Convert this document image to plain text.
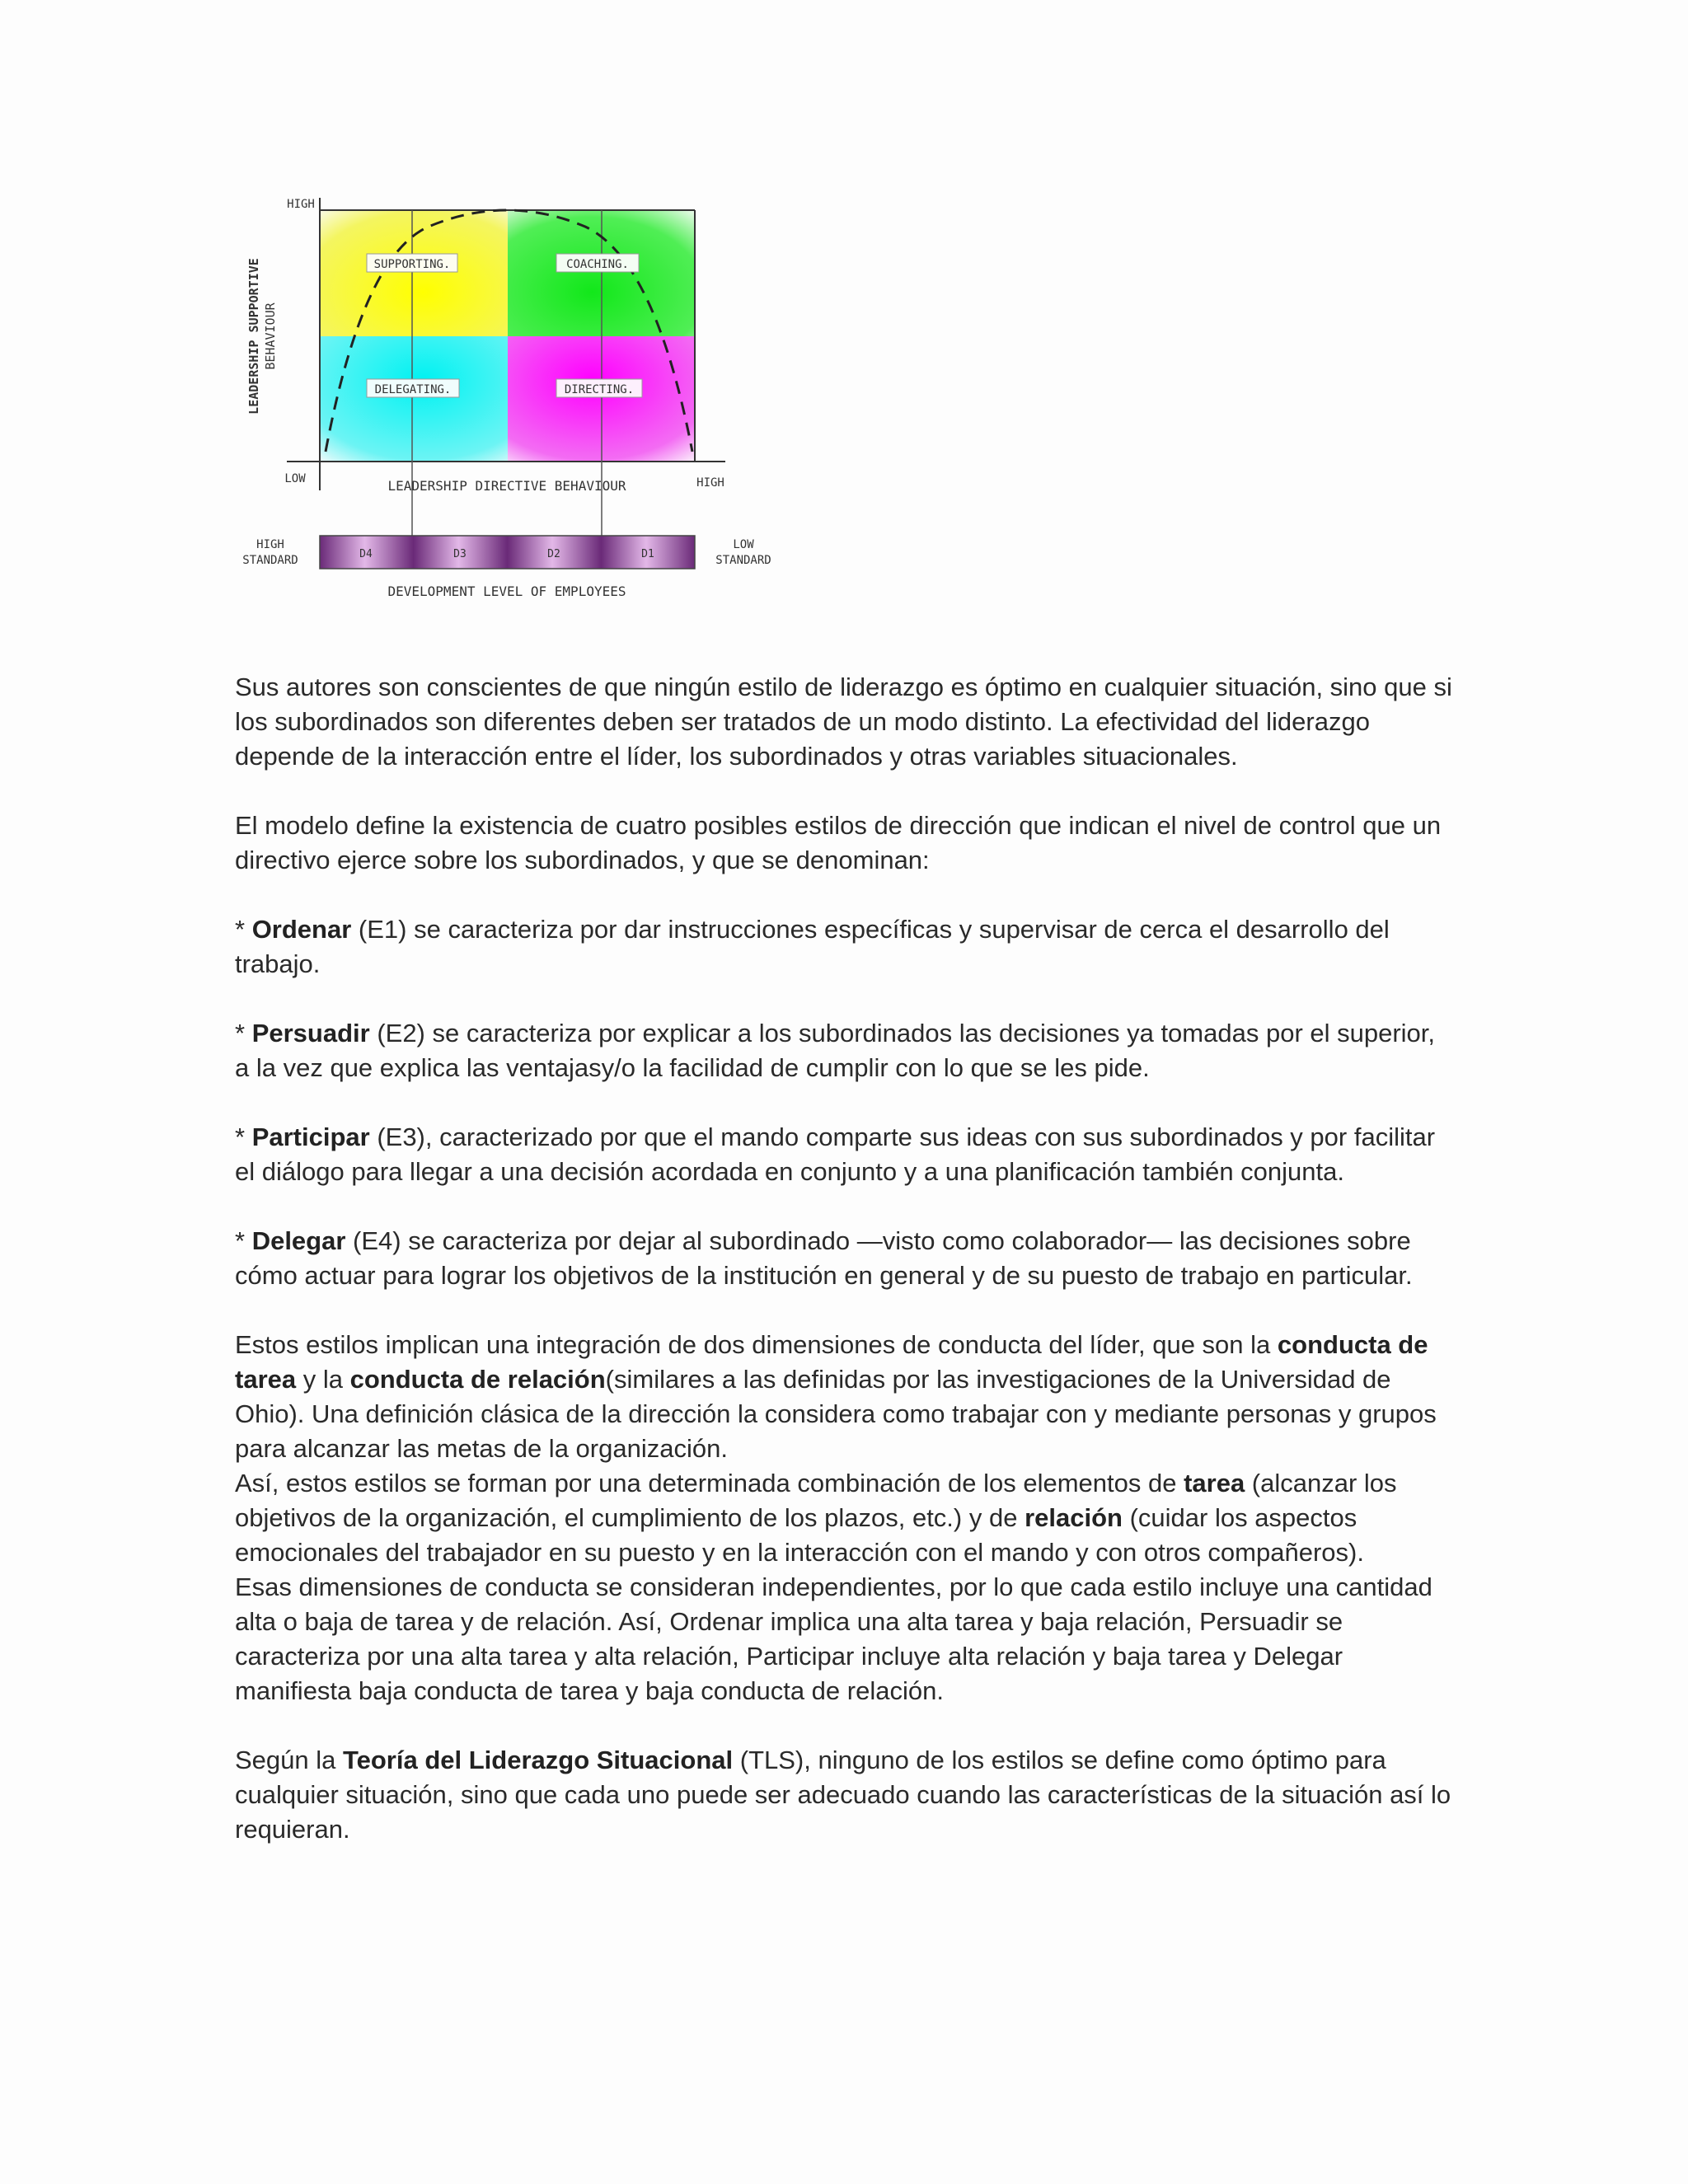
SUPPORTING.	COACHING.
DELEGATING.	DIRECTING.
HIGH
LOW
LEADERSHIP SUPPORTIVE BEHAVIOUR
LEADERSHIP DIRECTIVE BEHAVIOUR	HIGH
D4	D3	D2	D1
HIGH
STANDARD
LOW
STANDARD
DEVELOPMENT LEVEL OF EMPLOYEES

Sus autores son conscientes de que ningún estilo de liderazgo es óptimo en cualquier situación, sino que si los subordinados son diferentes deben ser tratados de un modo distinto. La efectividad del liderazgo depende de la interacción entre el líder, los subordinados y otras variables situacionales.

El modelo define la existencia de cuatro posibles estilos de dirección que indican el nivel de control que un directivo ejerce sobre los subordinados, y que se denominan:

* Ordenar (E1) se caracteriza por dar instrucciones específicas y supervisar de cerca el desarrollo del trabajo.

* Persuadir (E2) se caracteriza por explicar a los subordinados las decisiones ya tomadas por el superior, a la vez que explica las ventajasy/o la facilidad de cumplir con lo que se les pide.

* Participar (E3), caracterizado por que el mando comparte sus ideas con sus subordinados y por facilitar el diálogo para llegar a una decisión acordada en conjunto y a una planificación también conjunta.

* Delegar (E4) se caracteriza por dejar al subordinado —visto como colaborador— las decisiones sobre cómo actuar para lograr los objetivos de la institución en general y de su puesto de trabajo en particular.

Estos estilos implican una integración de dos dimensiones de conducta del líder, que son la conducta de tarea y la conducta de relación(similares a las definidas por las investigaciones de la Universidad de Ohio). Una definición clásica de la dirección la considera como trabajar con y mediante personas y grupos para alcanzar las metas de la organización.

Así, estos estilos se forman por una determinada combinación de los elementos de tarea (alcanzar los objetivos de la organización, el cumplimiento de los plazos, etc.) y de relación (cuidar los aspectos emocionales del trabajador en su puesto y en la interacción con el mando y con otros compañeros).

Esas dimensiones de conducta se consideran independientes, por lo que cada estilo incluye una cantidad alta o baja de tarea y de relación. Así, Ordenar implica una alta tarea y baja relación, Persuadir se caracteriza por una alta tarea y alta relación, Participar incluye alta relación y baja tarea y Delegar manifiesta baja conducta de tarea y baja conducta de relación.

Según la Teoría del Liderazgo Situacional (TLS), ninguno de los estilos se define como óptimo para cualquier situación, sino que cada uno puede ser adecuado cuando las características de la situación así lo requieran.
